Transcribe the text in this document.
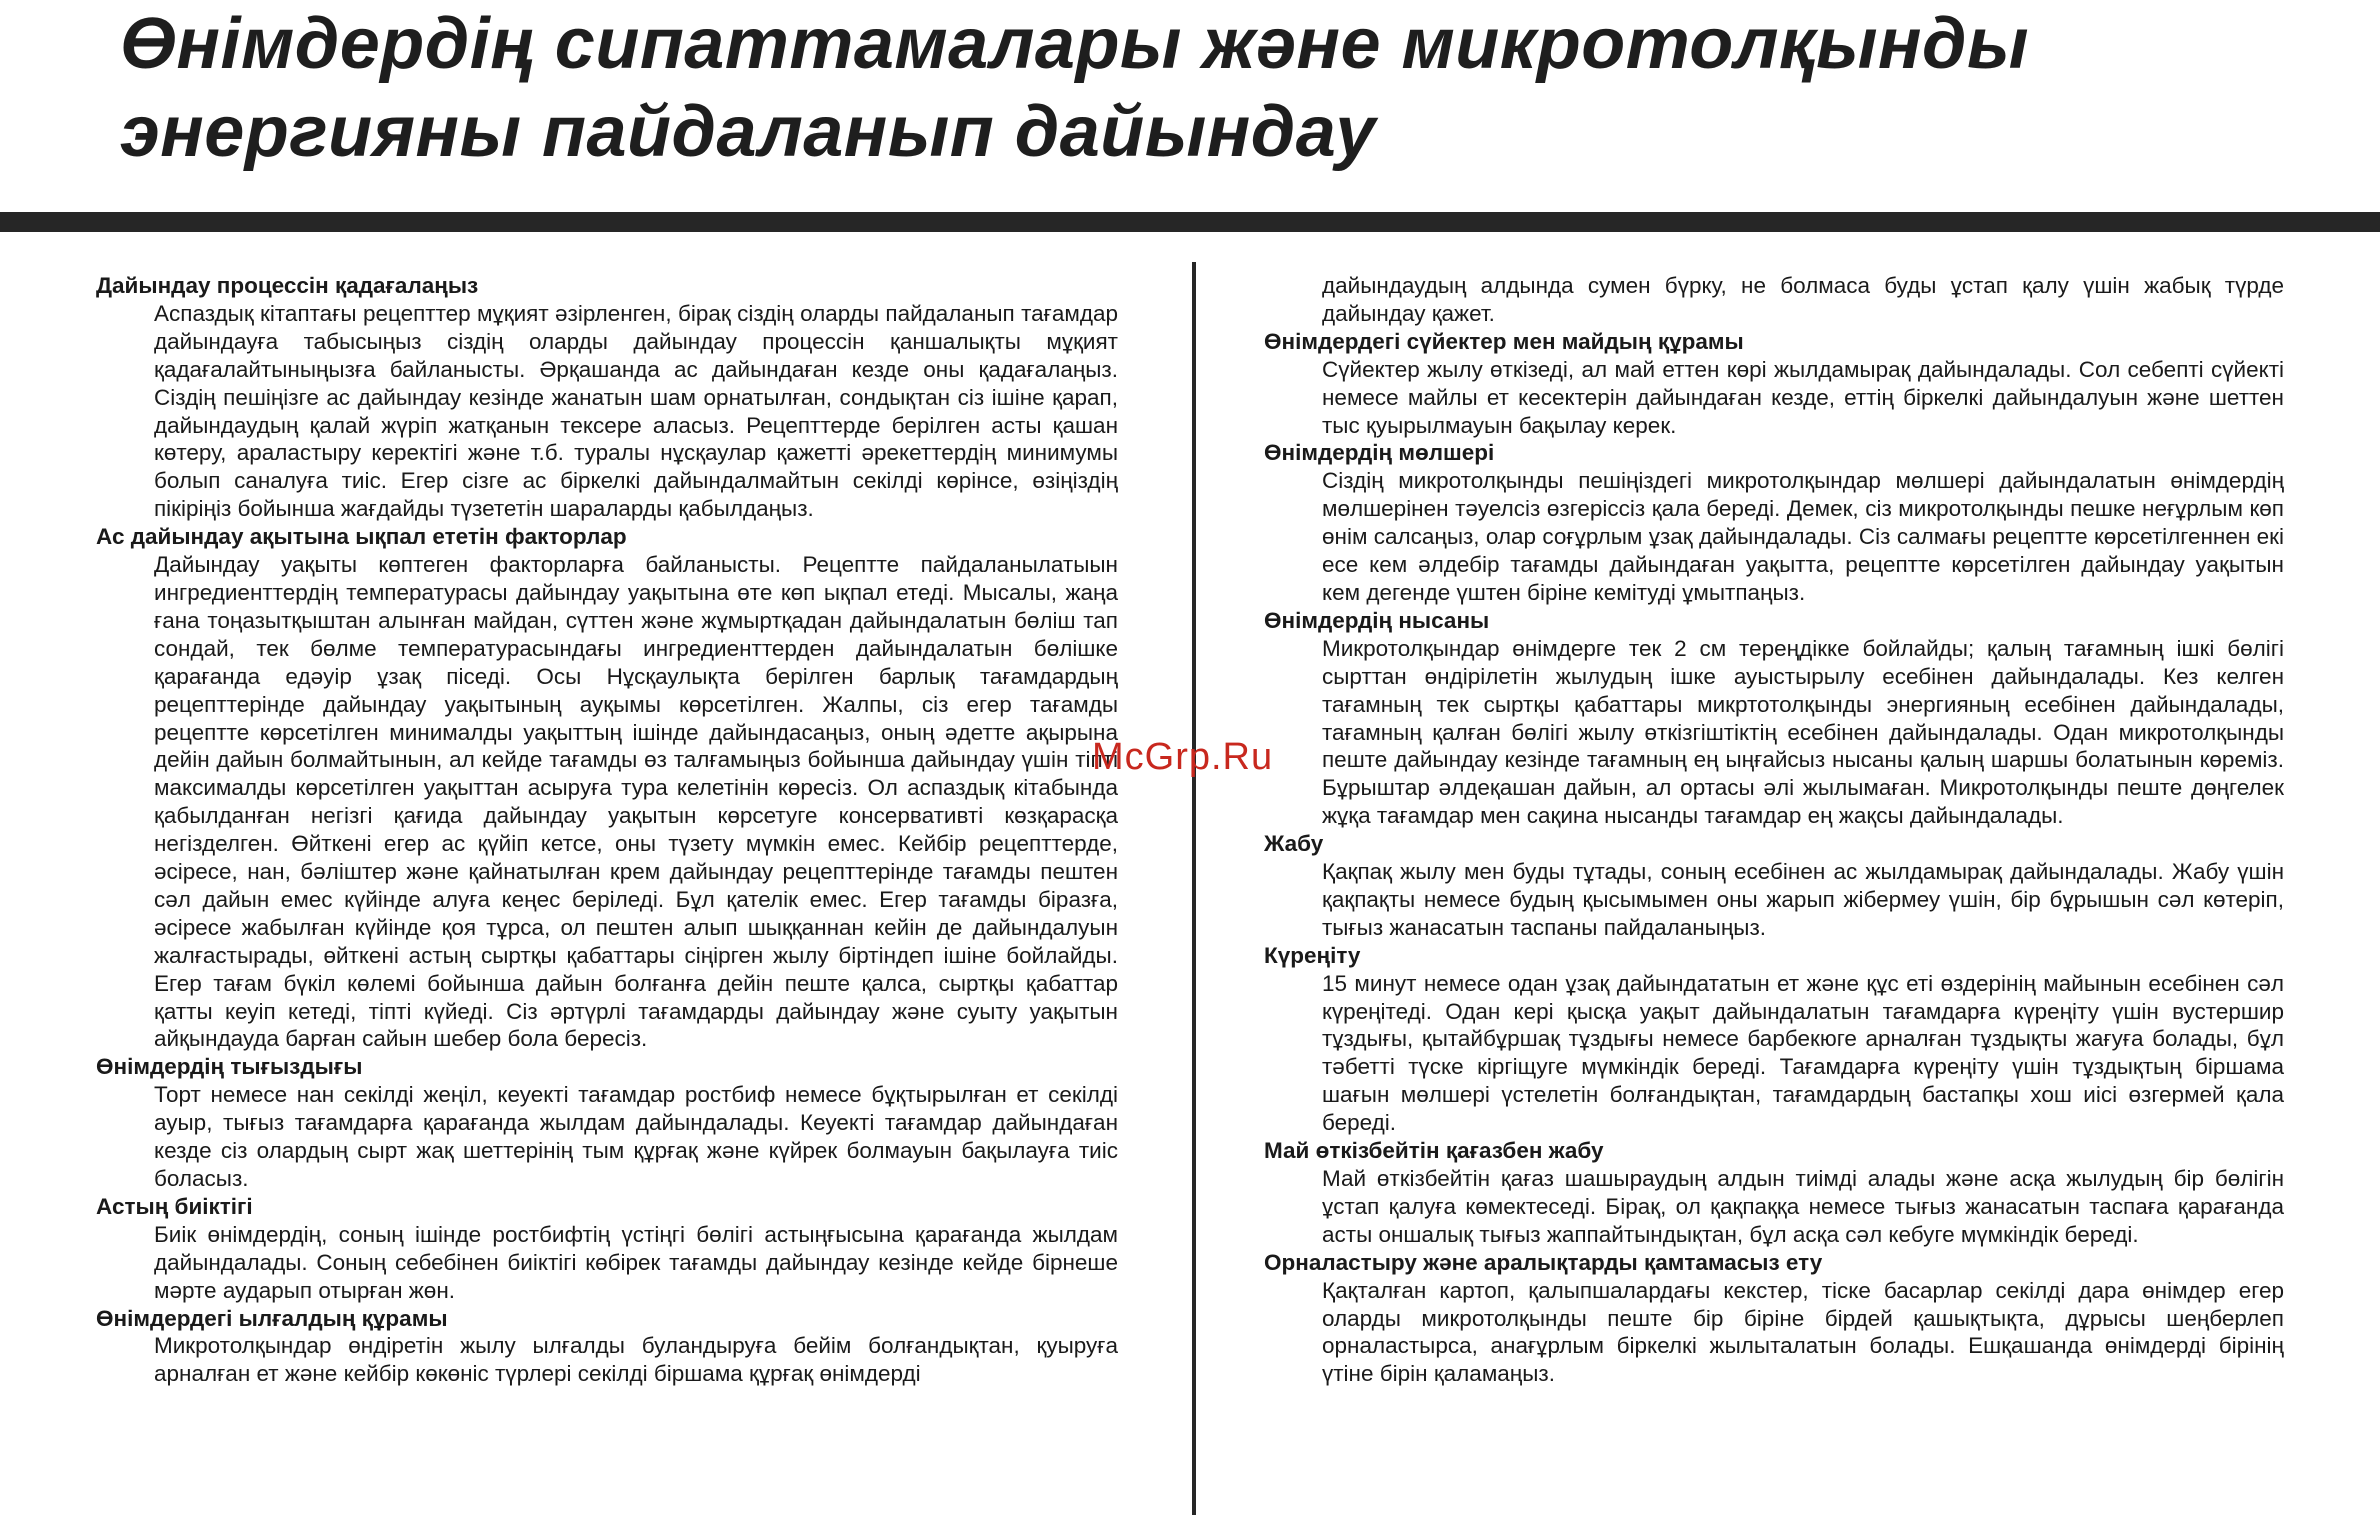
Өнімдердің сипаттамалары және микротолқынды
энергияны пайдаланып дайындау
Дайындау процессін қадағалаңыз

Аспаздық кітаптағы рецепттер мұқият әзірленген, бірақ сіздің оларды пайдаланып тағамдар дайындауға табысыңыз сіздің оларды дайындау процессін қаншалықты мұқият қадағалайтыныңызға байланысты. Әрқашанда ас дайындаған кезде оны қадағалаңыз. Сіздің пешіңізге ас дайындау кезінде жанатын шам орнатылған, сондықтан сіз ішіне қарап, дайындаудың қалай жүріп жатқанын тексере аласыз. Рецепттерде берілген асты қашан көтеру, араластыру керектігі және т.б. туралы нұсқаулар қажетті әрекеттердің минимумы болып саналуға тиіс. Егер сізге ас біркелкі дайындалмайтын секілді көрінсе, өзіңіздің пікіріңіз бойынша жағдайды түзететін шараларды қабылдаңыз.

Ас дайындау ақытына ықпал ететін факторлар

Дайындау уақыты көптеген факторларға байланысты. Рецептте пайдаланылатыын ингредиенттердің температурасы дайындау уақытына өте көп ықпал етеді. Мысалы, жаңа ғана тоңазытқыштан алынған майдан, сүттен және жұмыртқадан дайындалатын бөліш тап сондай, тек бөлме температурасындағы ингредиенттерден дайындалатын бөлішке қарағанда едәуір ұзақ піседі. Осы Нұсқаулықта берілген барлық тағамдардың рецепттерінде дайындау уақытының ауқымы көрсетілген. Жалпы, сіз егер тағамды рецептте көрсетілген минималды уақыттың ішінде дайындасаңыз, оның әдетте ақырына дейін дайын болмайтынын, ал кейде тағамды өз талғамыңыз бойынша дайындау үшін тіпті максималды көрсетілген уақыттан асыруға тура келетінін көресіз. Ол аспаздық кітабында қабылданған негізгі қағида дайындау уақытын көрсетуге консервативті көзқарасқа негізделген. Өйткені егер ас қүйіп кетсе, оны түзету мүмкін емес. Кейбір рецепттерде, әсіресе, нан, бәліштер және қайнатылған крем дайындау рецепттерінде тағамды пештен сәл дайын емес күйінде алуға кеңес беріледі. Бұл қателік емес. Егер тағамды біразға, әсіресе жабылған күйінде қоя тұрса, ол пештен алып шыққаннан кейін де дайындалуын жалғастырады, өйткені астың сыртқы қабаттары сіңірген жылу біртіндеп ішіне бойлайды. Егер тағам бүкіл көлемі бойынша дайын болғанға дейін пеште қалса, сыртқы қабаттар қатты кеуіп кетеді, тіпті күйеді. Сіз әртүрлі тағамдарды дайындау және суыту уақытын айқындауда барған сайын шебер бола бересіз.

Өнімдердің тығыздығы

Торт немесе нан секілді жеңіл, кеуекті тағамдар ростбиф немесе бұқтырылған ет секілді ауыр, тығыз тағамдарға қарағанда жылдам дайындалады. Кеуекті тағамдар дайындаған кезде сіз олардың сырт жақ шеттерінің тым құрғақ және күйрек болмауын бақылауға тиіс боласыз.

Астың биіктігі

Биік өнімдердің, соның ішінде ростбифтің үстіңгі бөлігі астыңғысына қарағанда жылдам дайындалады. Соның себебінен биіктігі көбірек тағамды дайындау кезінде кейде бірнеше мәрте аударып отырған жөн.

Өнімдердегі ылғалдың құрамы

Микротолқындар өндіретін жылу ылғалды буландыруға бейім болғандықтан, қуыруға арналған ет және кейбір көкөніс түрлері секілді біршама құрғақ өнімдерді

дайындаудың алдында сумен бүрку, не болмаса буды ұстап қалу үшін жабық түрде дайындау қажет.

Өнімдердегі сүйектер мен майдың құрамы

Сүйектер жылу өткізеді, ал май еттен көрі жылдамырақ дайындалады. Сол себепті сүйекті немесе майлы ет кесектерін дайындаған кезде, еттің біркелкі дайындалуын және шеттен тыс қуырылмауын бақылау керек.

Өнімдердің мөлшері

Сіздің микротолқынды пешіңіздегі микротолқындар мөлшері дайындалатын өнімдердің мөлшерінен тәуелсіз өзгерiссіз қала береді. Демек, сіз микротолқынды пешке неғұрлым көп өнім салсаңыз, олар соғұрлым ұзақ дайындалады. Сіз салмағы рецептте көрсетілгеннен екі есе кем әлдебір тағамды дайындаған уақытта, рецептте көрсетілген дайындау уақытын кем дегенде үштен біріне кемітуді ұмытпаңыз.

Өнімдердің нысаны

Микротолқындар өнімдерге тек 2 см тереңдікке бойлайды; қалың тағамның ішкі бөлігі сырттан өндірілетін жылудың ішке ауыстырылу есебінен дайындалады. Кез келген тағамның тек сыртқы қабаттары микртотолқынды энергияның есебінен дайындалады, тағамның қалған бөлігі жылу өткізгіштіктің есебінен дайындалады. Одан микротолқынды пеште дайындау кезінде тағамның ең ыңғайсыз нысаны қалың шаршы болатынын көреміз. Бұрыштар әлдеқашан дайын, ал ортасы әлі жылымаған. Микротолқынды пеште дөңгелек жұқа тағамдар мен сақина нысанды тағамдар ең жақсы дайындалады.

Жабу

Қақпақ жылу мен буды тұтады, соның есебінен ас жылдамырақ дайындалады. Жабу үшін қақпақты немесе будың қысымымен оны жарып жібермеу үшін, бір бұрышын сәл көтеріп, тығыз жанасатын таспаны пайдаланыңыз.

Күреңіту

15 минут немесе одан ұзақ дайындататын ет және құс еті өздерінің майынын есебінен сәл күреңітеді. Одан кері қысқа уақыт дайындалатын тағамдарға күреңіту үшін вустершир тұздығы, қытайбұршақ тұздығы немесе барбекюге арналған тұздықты жағуға болады, бұл тәбетті түске кіргіщуге мүмкіндік береді. Тағамдарға күреңіту үшін тұздықтың біршама шағын мөлшері үстелетін болғандықтан, тағамдардың бастапқы хош иісі өзгермей қала береді.

Май өткізбейтін қағазбен жабу

Май өткізбейтін қағаз шашыраудың алдын тиімді алады және асқа жылудың бір бөлігін ұстап қалуға көмектеседі. Бірақ, ол қақпаққа немесе тығыз жанасатын таспаға қарағанда асты оншалық тығыз жаппайтындықтан, бұл асқа сәл кебуге мүмкіндік береді.

Орналастыру және аралықтарды қамтамасыз ету

Қақталған картоп, қалыпшалардағы кекстер, тіске басарлар секілді дара өнімдер егер оларды микротолқынды пеште бір біріне бірдей қашықтықта, дұрысы шеңберлеп орналастырса, анағұрлым біркелкі жылыталатын болады. Ешқашанда өнімдерді бірінің үтіне бірін қаламаңыз.

McGrp.Ru
